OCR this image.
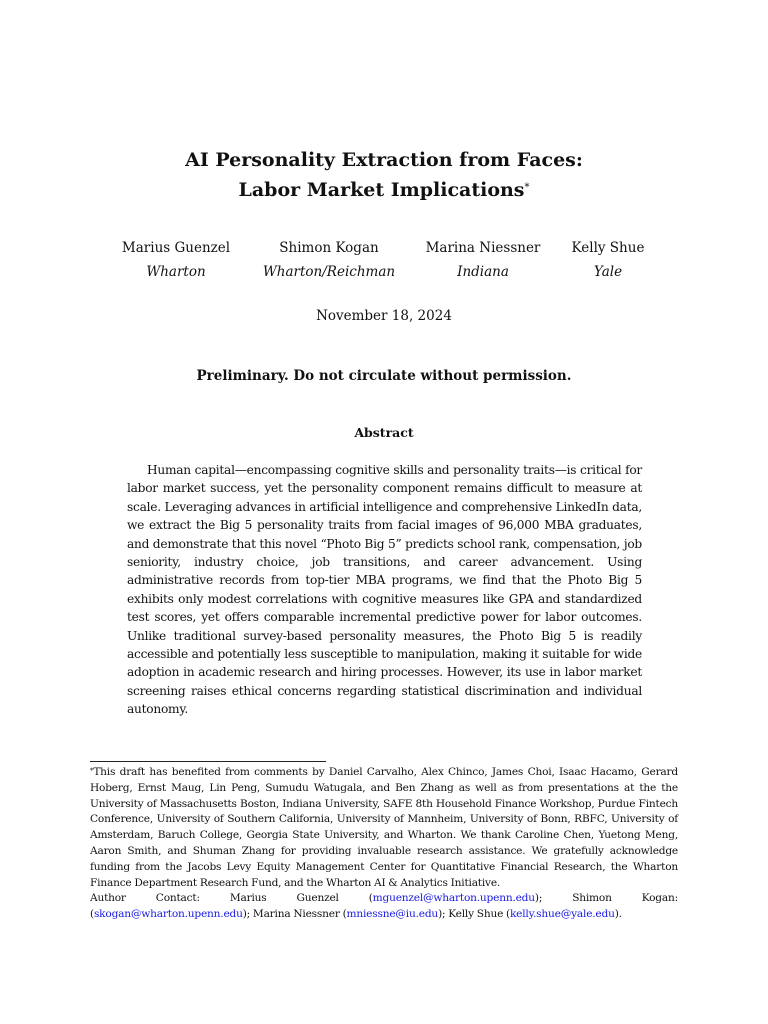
AI Personality Extraction from Faces:
Labor Market Implications*
Marius Guenzel
Wharton
Shimon Kogan
Wharton/Reichman
Marina Niessner
Indiana
Kelly Shue
Yale
November 18, 2024
Preliminary. Do not circulate without permission.
Abstract
Human capital—encompassing cognitive skills and personality traits—is critical for labor market success, yet the personality component remains difficult to measure at scale. Leveraging advances in artificial intelligence and comprehensive LinkedIn data, we extract the Big 5 personality traits from facial images of 96,000 MBA graduates, and demonstrate that this novel “Photo Big 5” predicts school rank, compensation, job seniority, industry choice, job transitions, and career advancement. Using administrative records from top-tier MBA programs, we find that the Photo Big 5 exhibits only modest correlations with cognitive measures like GPA and standardized test scores, yet offers comparable incremental predictive power for labor outcomes. Unlike traditional survey-based personality measures, the Photo Big 5 is readily accessible and potentially less susceptible to manipulation, making it suitable for wide adoption in academic research and hiring processes. However, its use in labor market screening raises ethical concerns regarding statistical discrimination and individual autonomy.
*This draft has benefited from comments by Daniel Carvalho, Alex Chinco, James Choi, Isaac Hacamo, Gerard Hoberg, Ernst Maug, Lin Peng, Sumudu Watugala, and Ben Zhang as well as from presentations at the the University of Massachusetts Boston, Indiana University, SAFE 8th Household Finance Workshop, Purdue Fintech Conference, University of Southern California, University of Mannheim, University of Bonn, RBFC, University of Amsterdam, Baruch College, Georgia State University, and Wharton. We thank Caroline Chen, Yuetong Meng, Aaron Smith, and Shuman Zhang for providing invaluable research assistance. We gratefully acknowledge funding from the Jacobs Levy Equity Management Center for Quantitative Financial Research, the Wharton Finance Department Research Fund, and the Wharton AI & Analytics Initiative.
Author Contact:	Marius Guenzel (mguenzel@wharton.upenn.edu); Shimon Kogan: (skogan@wharton.upenn.edu); Marina Niessner (mniessne@iu.edu); Kelly Shue (kelly.shue@yale.edu).
